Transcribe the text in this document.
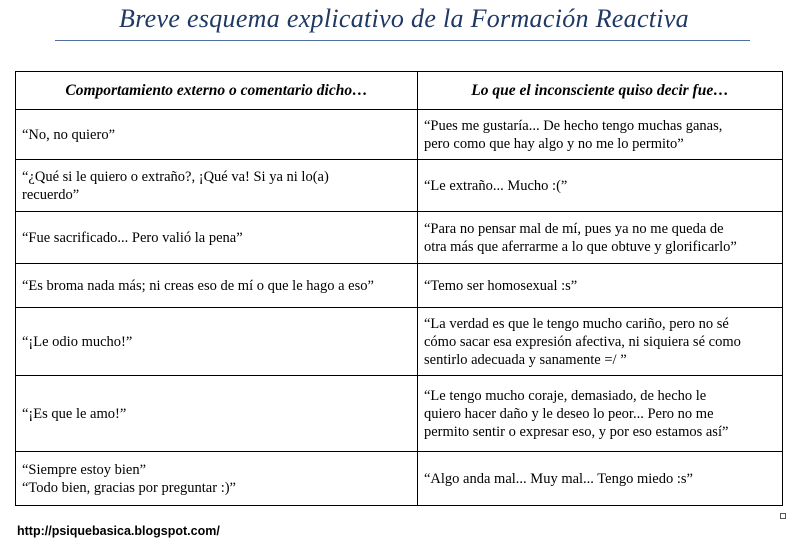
Breve esquema explicativo de la Formación Reactiva
Comportamiento externo o comentario dicho…	Lo que el inconsciente quiso decir fue…

“No, no quiero”	“Pues me gustaría... De hecho tengo muchas ganas,
pero como que hay algo y no me lo permito”

“¿Qué si le quiero o extraño?, ¡Qué va! Si ya ni lo(a)
recuerdo”	“Le extraño... Mucho :(”

“Fue sacrificado... Pero valió la pena”	“Para no pensar mal de mí, pues ya no me queda de
otra más que aferrarme a lo que obtuve y glorificarlo”

“Es broma nada más; ni creas eso de mí o que le hago a eso”	“Temo ser homosexual :s”

“¡Le odio mucho!”	“La verdad es que le tengo mucho cariño, pero no sé
cómo sacar esa expresión afectiva, ni siquiera sé como
sentirlo adecuada y sanamente =/ ”

“¡Es que le amo!”	“Le tengo mucho coraje, demasiado, de hecho le
quiero hacer daño y le deseo lo peor... Pero no me
permito sentir o expresar eso, y por eso estamos así”

“Siempre estoy bien”
“Todo bien, gracias por preguntar :)”	“Algo anda mal... Muy mal... Tengo miedo :s”
http://psiquebasica.blogspot.com/
